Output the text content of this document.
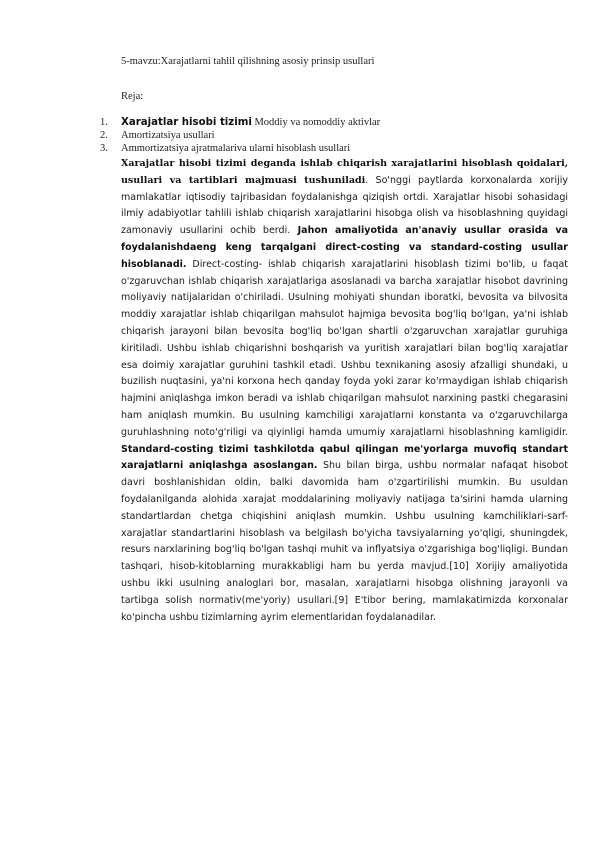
5-mavzu:Xarajatlarni tahlil qilishning asosiy prinsip usullari
Reja:
1.	Xarajatlar hisobi tizimi Moddiy va nomoddiy aktivlar
2.	Amortizatsiya usullari
3.	Ammortizatsiya ajratmalariva ularni hisoblash usullari
Xarajatlar hisobi tizimi deganda ishlab chiqarish xarajatlarini hisoblash qoidalari, usullari va tartiblari majmuasi tushuniladi. So'nggi paytlarda korxonalarda xorijiy mamlakatlar iqtisodiy tajribasidan foydalanishga qiziqish ortdi. Xarajatlar hisobi sohasidagi ilmiy adabiyotlar tahlili ishlab chiqarish xarajatlarini hisobga olish va hisoblashning quyidagi zamonaviy usullarini ochib berdi. Jahon amaliyotida an'anaviy usullar orasida va foydalanishdaeng keng tarqalgani direct-costing va standard-costing usullar hisoblanadi. Direct-costing- ishlab chiqarish xarajatlarini hisoblash tizimi bo'lib, u faqat o'zgaruvchan ishlab chiqarish xarajatlariga asoslanadi va barcha xarajatlar hisobot davrining moliyaviy natijalaridan o'chiriladi. Usulning mohiyati shundan iboratki, bevosita va bilvosita moddiy xarajatlar ishlab chiqarilgan mahsulot hajmiga bevosita bog'liq bo'lgan, ya'ni ishlab chiqarish jarayoni bilan bevosita bog'liq bo'lgan shartli o'zgaruvchan xarajatlar guruhiga kiritiladi. Ushbu ishlab chiqarishni boshqarish va yuritish xarajatlari bilan bog'liq xarajatlar esa doimiy xarajatlar guruhini tashkil etadi. Ushbu texnikaning asosiy afzalligi shundaki, u buzilish nuqtasini, ya'ni korxona hech qanday foyda yoki zarar ko'rmaydigan ishlab chiqarish hajmini aniqlashga imkon beradi va ishlab chiqarilgan mahsulot narxining pastki chegarasini ham aniqlash mumkin. Bu usulning kamchiligi xarajatlarni konstanta va o'zgaruvchilarga guruhlashning noto'g'riligi va qiyinligi hamda umumiy xarajatlarni hisoblashning kamligidir. Standard-costing tizimi tashkilotda qabul qilingan me'yorlarga muvofiq standart xarajatlarni aniqlashga asoslangan. Shu bilan birga, ushbu normalar nafaqat hisobot davri boshlanishidan oldin, balki davomida ham o'zgartirilishi mumkin. Bu usuldan foydalanilganda alohida xarajat moddalarining moliyaviy natijaga ta'sirini hamda ularning standartlardan chetga chiqishini aniqlash mumkin. Ushbu usulning kamchiliklari-sarf-xarajatlar standartlarini hisoblash va belgilash bo'yicha tavsiyalarning yo'qligi, shuningdek, resurs narxlarining bog'liq bo'lgan tashqi muhit va inflyatsiya o'zgarishiga bog'liqligi. Bundan tashqari, hisob-kitoblarning murakkabligi ham bu yerda mavjud.[10] Xorijiy amaliyotida ushbu ikki usulning analoglari bor, masalan, xarajatlarni hisobga olishning jarayonli va tartibga solish normativ(me'yoriy) usullari.[9] E'tibor bering, mamlakatimizda korxonalar ko'pincha ushbu tizimlarning ayrim elementlaridan foydalanadilar.
